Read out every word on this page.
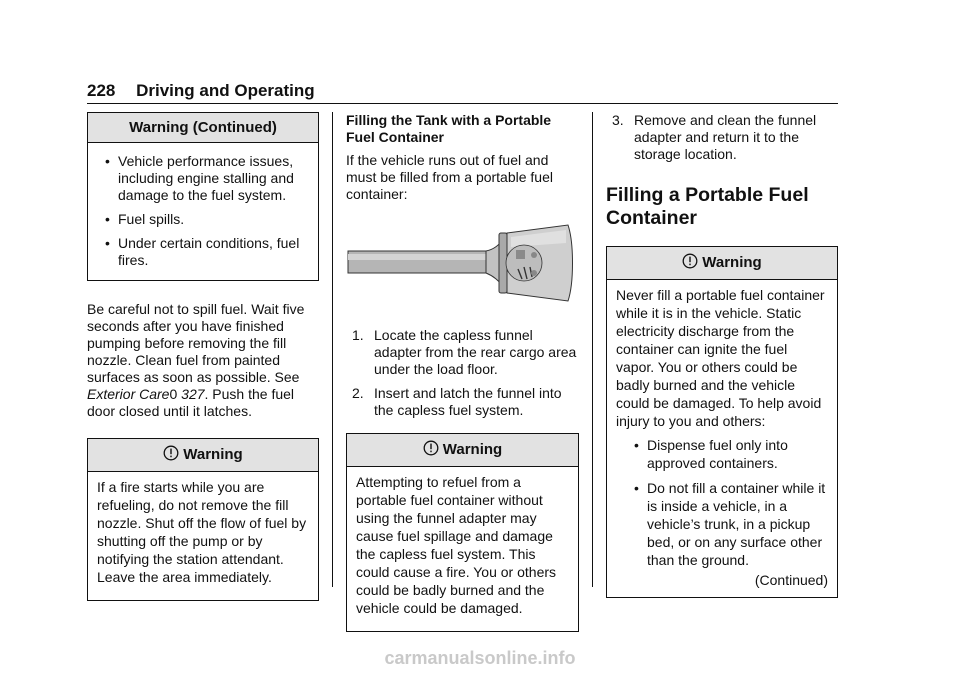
228 Driving and Operating
Warning (Continued)
• Vehicle performance issues, including engine stalling and damage to the fuel system.
• Fuel spills.
• Under certain conditions, fuel fires.

Be careful not to spill fuel. Wait five seconds after you have finished pumping before removing the fill nozzle. Clean fuel from painted surfaces as soon as possible. See Exterior Care0 327. Push the fuel door closed until it latches.

Warning

If a fire starts while you are refueling, do not remove the fill nozzle. Shut off the flow of fuel by shutting off the pump or by notifying the station attendant. Leave the area immediately.

Filling the Tank with a Portable Fuel Container

If the vehicle runs out of fuel and must be filled from a portable fuel container:

1. Locate the capless funnel adapter from the rear cargo area under the load floor.
2. Insert and latch the funnel into the capless fuel system.
Warning

Attempting to refuel from a portable fuel container without using the funnel adapter may cause fuel spillage and damage the capless fuel system. This could cause a fire. You or others could be badly burned and the vehicle could be damaged.

3. Remove and clean the funnel adapter and return it to the storage location.
Filling a Portable Fuel Container
Warning

Never fill a portable fuel container while it is in the vehicle. Static electricity discharge from the container can ignite the fuel vapor. You or others could be badly burned and the vehicle could be damaged. To help avoid injury to you and others:

• Dispense fuel only into approved containers.
• Do not fill a container while it is inside a vehicle, in a vehicle’s trunk, in a pickup bed, or on any surface other than the ground.
(Continued)
carmanualsonline.info
